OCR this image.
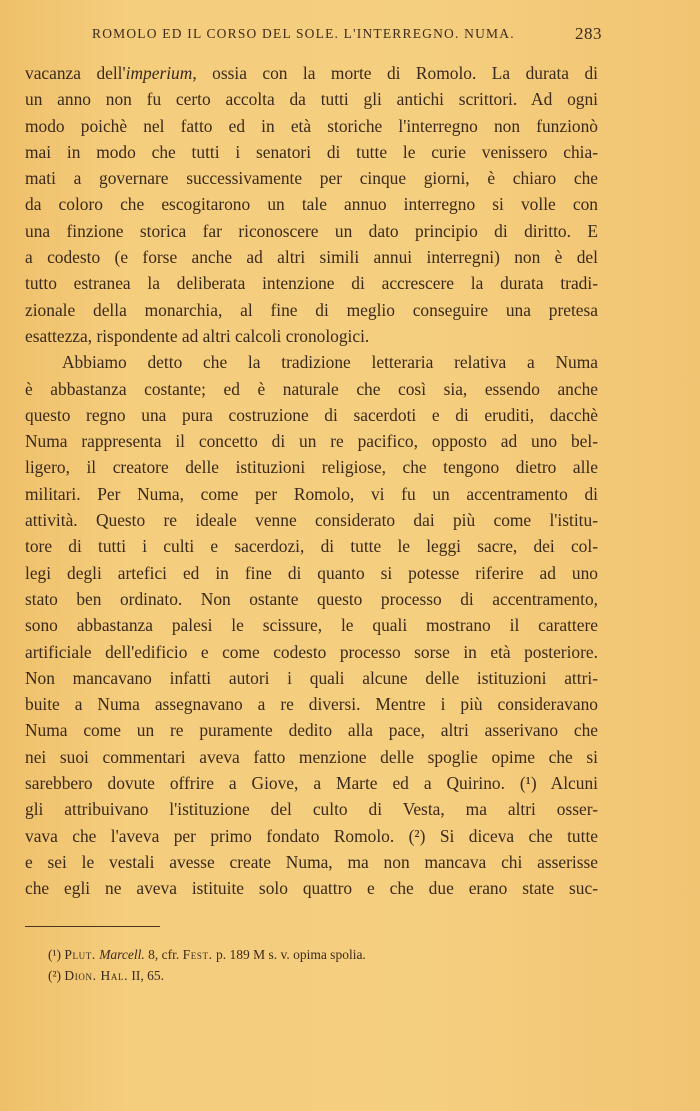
ROMOLO ED IL CORSO DEL SOLE. L'INTERREGNO. NUMA.	283

vacanza dell'imperium, ossia con la morte di Romolo. La durata di
un anno non fu certo accolta da tutti gli antichi scrittori. Ad ogni
modo poichè nel fatto ed in età storiche l'interregno non funzionò
mai in modo che tutti i senatori di tutte le curie venissero chia-
mati a governare successivamente per cinque giorni, è chiaro che
da coloro che escogitarono un tale annuo interregno si volle con
una finzione storica far riconoscere un dato principio di diritto. E
a codesto (e forse anche ad altri simili annui interregni) non è del
tutto estranea la deliberata intenzione di accrescere la durata tradi-
zionale della monarchia, al fine di meglio conseguire una pretesa
esattezza, rispondente ad altri calcoli cronologici.

Abbiamo detto che la tradizione letteraria relativa a Numa
è abbastanza costante; ed è naturale che così sia, essendo anche
questo regno una pura costruzione di sacerdoti e di eruditi, dacchè
Numa rappresenta il concetto di un re pacifico, opposto ad uno bel-
ligero, il creatore delle istituzioni religiose, che tengono dietro alle
militari. Per Numa, come per Romolo, vi fu un accentramento di
attività. Questo re ideale venne considerato dai più come l'istitu-
tore di tutti i culti e sacerdozi, di tutte le leggi sacre, dei col-
legi degli artefici ed in fine di quanto si potesse riferire ad uno
stato ben ordinato. Non ostante questo processo di accentramento,
sono abbastanza palesi le scissure, le quali mostrano il carattere
artificiale dell'edificio e come codesto processo sorse in età posteriore.
Non mancavano infatti autori i quali alcune delle istituzioni attri-
buite a Numa assegnavano a re diversi. Mentre i più consideravano
Numa come un re puramente dedito alla pace, altri asserivano che
nei suoi commentari aveva fatto menzione delle spoglie opime che si
sarebbero dovute offrire a Giove, a Marte ed a Quirino. (¹) Alcuni
gli attribuivano l'istituzione del culto di Vesta, ma altri osser-
vava che l'aveva per primo fondato Romolo. (²) Si diceva che tutte
e sei le vestali avesse create Numa, ma non mancava chi asserisse
che egli ne aveva istituite solo quattro e che due erano state suc-

(¹) Plut. Marcell. 8, cfr. Fest. p. 189 M s. v. opima spolia.
(²) Dion. Hal. II, 65.
